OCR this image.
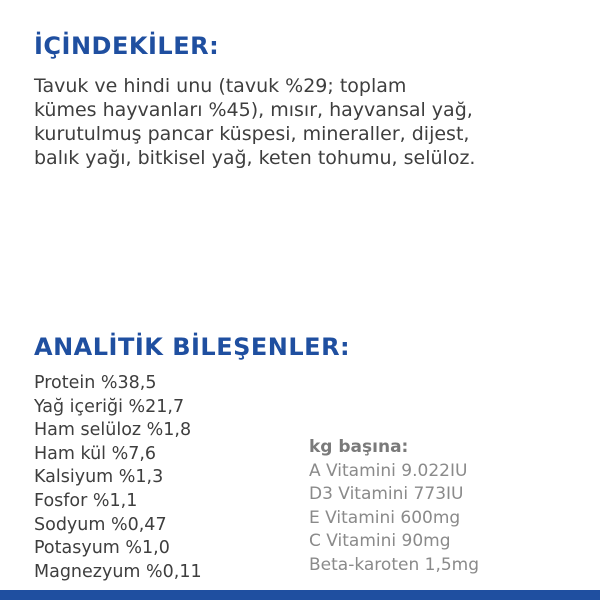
İÇİNDEKİLER:

Tavuk ve hindi unu (tavuk %29; toplam
kümes hayvanları %45), mısır, hayvansal yağ,
kurutulmuş pancar küspesi, mineraller, dijest,
balık yağı, bitkisel yağ, keten tohumu, selüloz.

ANALİTİK BİLEŞENLER:
Protein %38,5
Yağ içeriği %21,7
Ham selüloz %1,8
Ham kül %7,6
Kalsiyum %1,3
Fosfor %1,1
Sodyum %0,47
Potasyum %1,0
Magnezyum %0,11
kg başına:
A Vitamini 9.022IU
D3 Vitamini 773IU
E Vitamini 600mg
C Vitamini 90mg
Beta-karoten 1,5mg
